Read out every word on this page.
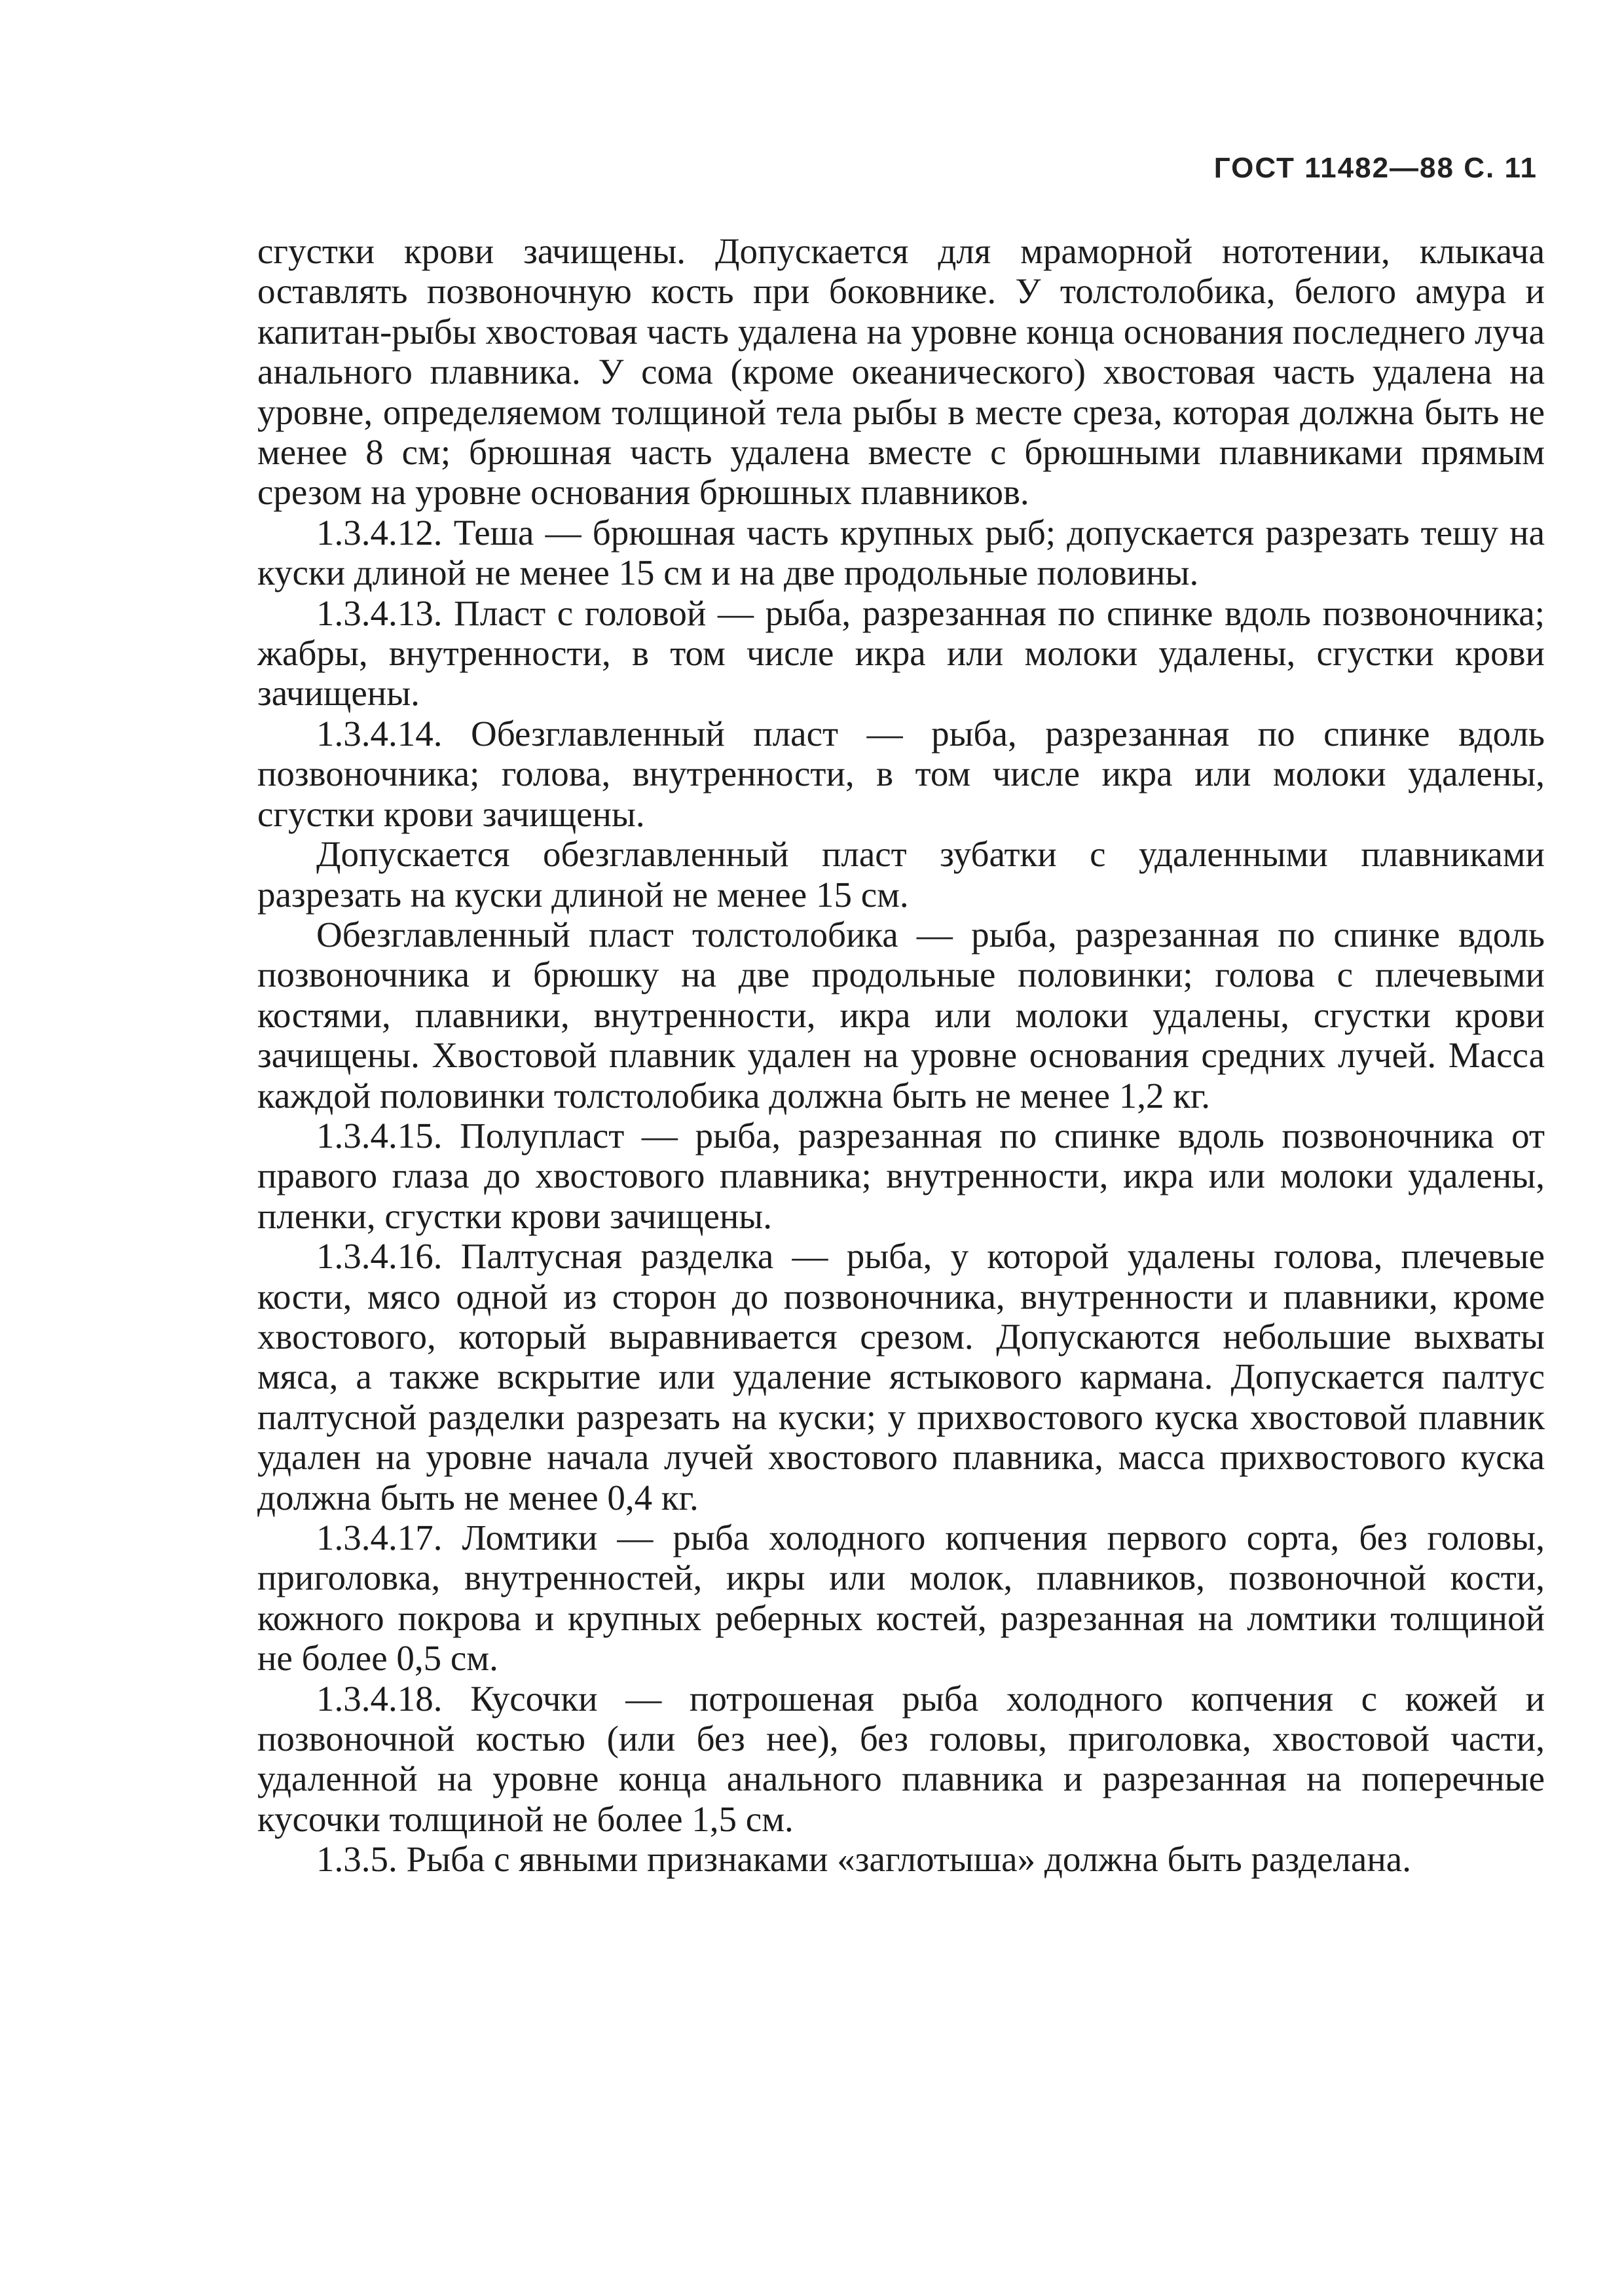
ГОСТ 11482—88 С. 11

сгустки крови зачищены. Допускается для мраморной нототении, клыкача оставлять позвоночную кость при боковнике. У толстолобика, белого амура и капитан-рыбы хвостовая часть удалена на уровне конца основания последнего луча анального плавника. У сома (кроме океанического) хвостовая часть удалена на уровне, определяемом толщиной тела рыбы в месте среза, которая должна быть не менее 8 см; брюшная часть удалена вместе с брюшными плавниками прямым срезом на уровне основания брюшных плавников.

1.3.4.12. Теша — брюшная часть крупных рыб; допускается разрезать тешу на куски длиной не менее 15 см и на две продольные половины.

1.3.4.13. Пласт с головой — рыба, разрезанная по спинке вдоль позвоночника; жабры, внутренности, в том числе икра или молоки удалены, сгустки крови зачищены.

1.3.4.14. Обезглавленный пласт — рыба, разрезанная по спинке вдоль позвоночника; голова, внутренности, в том числе икра или молоки удалены, сгустки крови зачищены.

Допускается обезглавленный пласт зубатки с удаленными плавниками разрезать на куски длиной не менее 15 см.

Обезглавленный пласт толстолобика — рыба, разрезанная по спинке вдоль позвоночника и брюшку на две продольные половинки; голова с плечевыми костями, плавники, внутренности, икра или молоки удалены, сгустки крови зачищены. Хвостовой плавник удален на уровне основания средних лучей. Масса каждой половинки толстолобика должна быть не менее 1,2 кг.

1.3.4.15. Полупласт — рыба, разрезанная по спинке вдоль позвоночника от правого глаза до хвостового плавника; внутренности, икра или молоки удалены, пленки, сгустки крови зачищены.

1.3.4.16. Палтусная разделка — рыба, у которой удалены голова, плечевые кости, мясо одной из сторон до позвоночника, внутренности и плавники, кроме хвостового, который выравнивается срезом. Допускаются небольшие выхваты мяса, а также вскрытие или удаление ястыкового кармана. Допускается палтус палтусной разделки разрезать на куски; у прихвостового куска хвостовой плавник удален на уровне начала лучей хвостового плавника, масса прихвостового куска должна быть не менее 0,4 кг.

1.3.4.17. Ломтики — рыба холодного копчения первого сорта, без головы, приголовка, внутренностей, икры или молок, плавников, позвоночной кости, кожного покрова и крупных реберных костей, разрезанная на ломтики толщиной не более 0,5 см.

1.3.4.18. Кусочки — потрошеная рыба холодного копчения с кожей и позвоночной костью (или без нее), без головы, приголовка, хвостовой части, удаленной на уровне конца анального плавника и разрезанная на поперечные кусочки толщиной не более 1,5 см.

1.3.5. Рыба с явными признаками «заглотыша» должна быть разделана.
